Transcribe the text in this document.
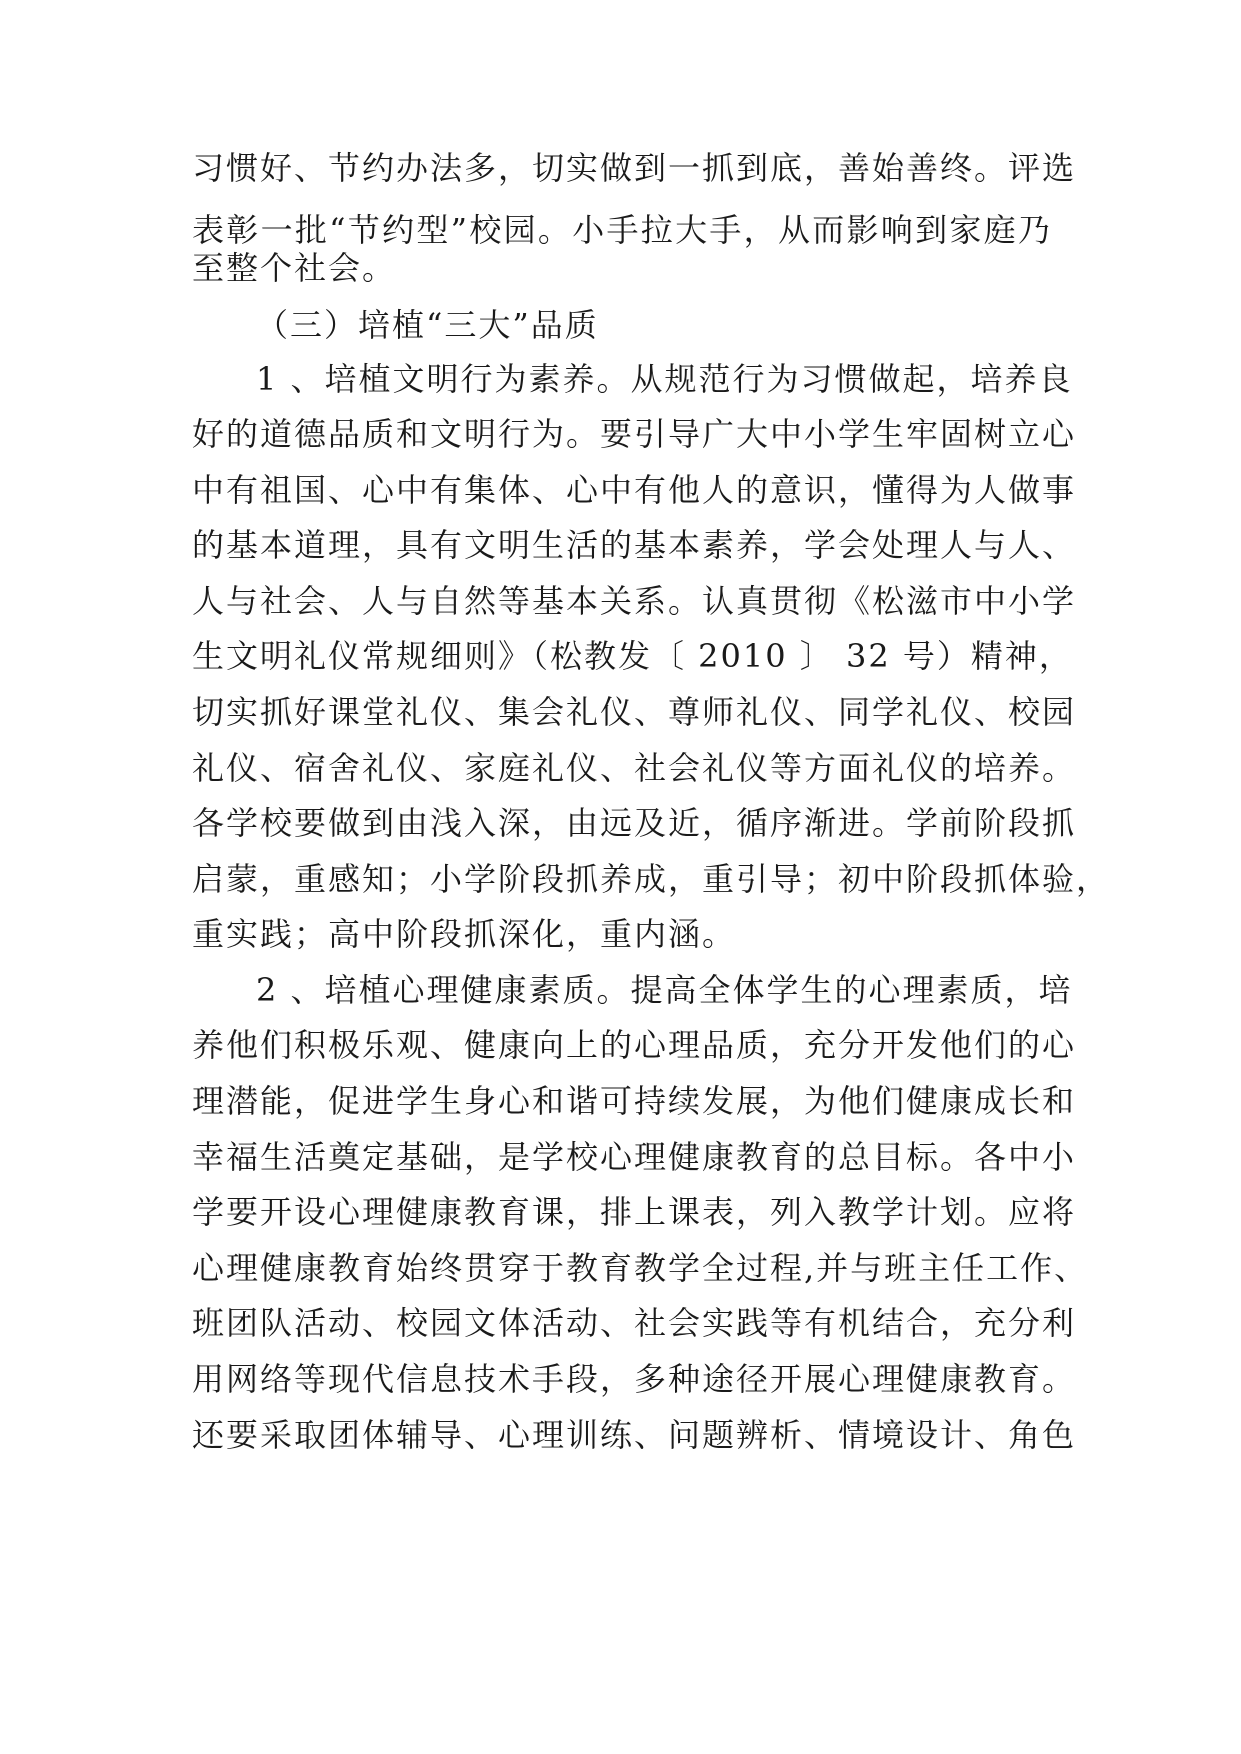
习惯好、节约办法多，切实做到一抓到底，善始善终。评选
表彰一批“节约型”校园。小手拉大手，从而影响到家庭乃
至整个社会。
（三）培植“三大”品质
1 、培植文明行为素养。从规范行为习惯做起，培养良
好的道德品质和文明行为。要引导广大中小学生牢固树立心
中有祖国、心中有集体、心中有他人的意识，懂得为人做事
的基本道理，具有文明生活的基本素养，学会处理人与人、
人与社会、人与自然等基本关系。认真贯彻《松滋市中小学
生文明礼仪常规细则》（松教发〔 2010 〕 32 号）精神，
切实抓好课堂礼仪、集会礼仪、尊师礼仪、同学礼仪、校园
礼仪、宿舍礼仪、家庭礼仪、社会礼仪等方面礼仪的培养。
各学校要做到由浅入深，由远及近，循序渐进。学前阶段抓
启蒙，重感知；小学阶段抓养成，重引导；初中阶段抓体验，
重实践；高中阶段抓深化，重内涵。
2 、培植心理健康素质。提高全体学生的心理素质，培
养他们积极乐观、健康向上的心理品质，充分开发他们的心
理潜能，促进学生身心和谐可持续发展，为他们健康成长和
幸福生活奠定基础，是学校心理健康教育的总目标。各中小
学要开设心理健康教育课，排上课表，列入教学计划。应将
心理健康教育始终贯穿于教育教学全过程,并与班主任工作、
班团队活动、校园文体活动、社会实践等有机结合，充分利
用网络等现代信息技术手段，多种途径开展心理健康教育。
还要采取团体辅导、心理训练、问题辨析、情境设计、角色
